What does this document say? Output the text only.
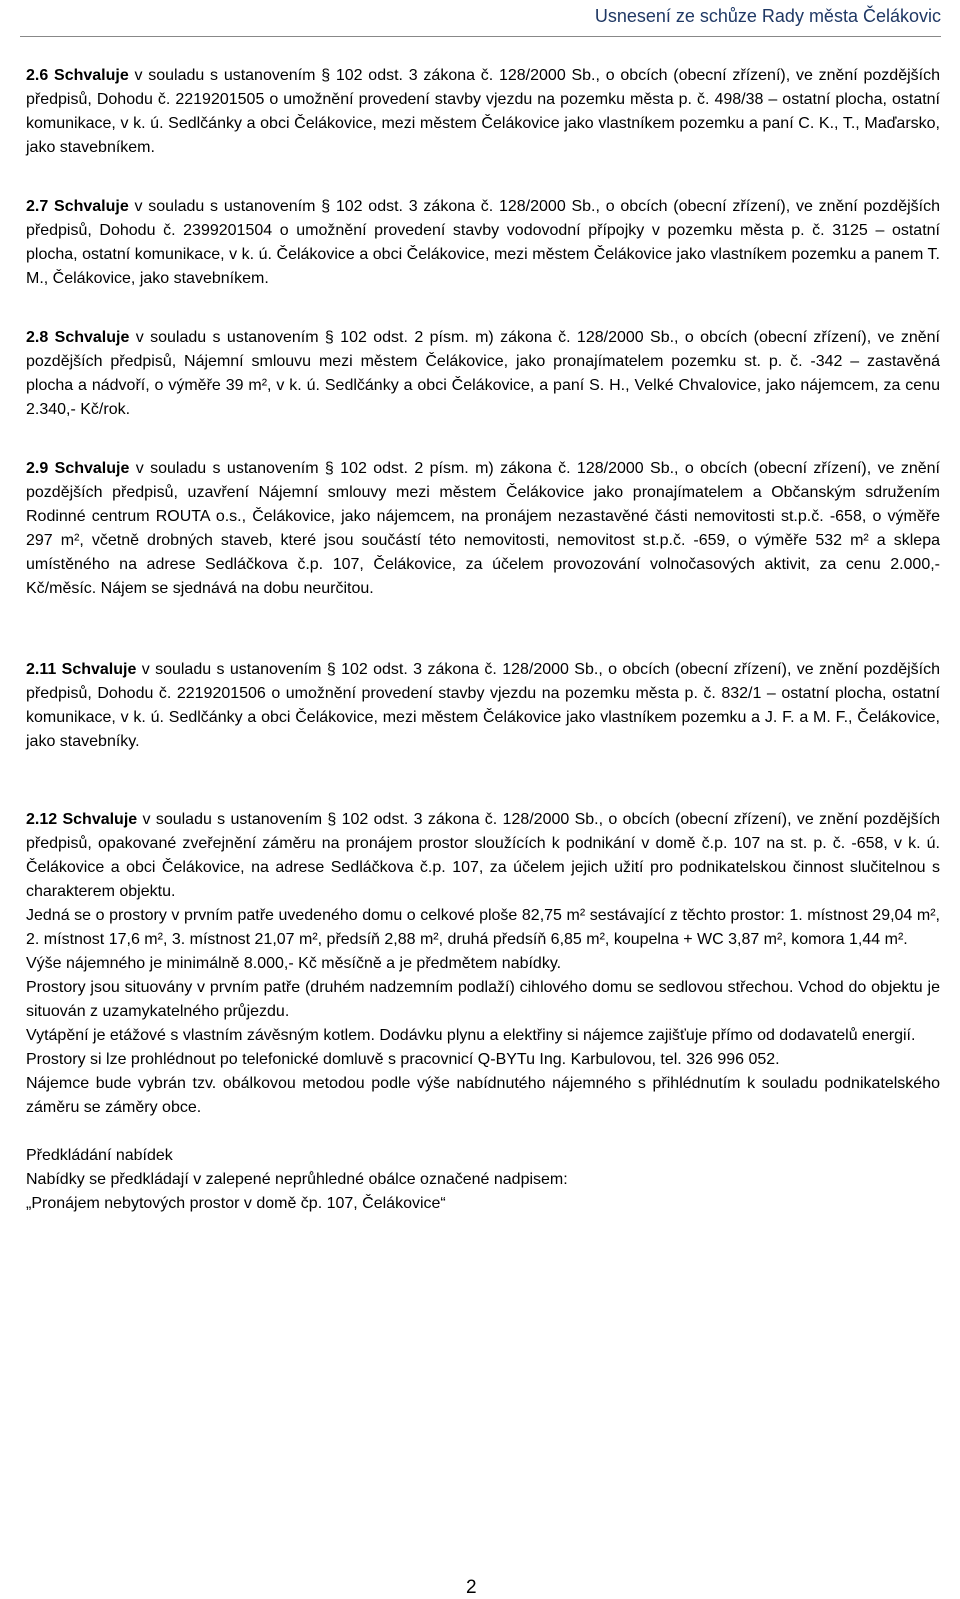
Usnesení ze schůze Rady města Čelákovic

2.6 Schvaluje v souladu s ustanovením § 102 odst. 3 zákona č. 128/2000 Sb., o obcích (obecní zřízení), ve znění pozdějších předpisů, Dohodu č. 2219201505 o umožnění provedení stavby vjezdu na pozemku města p. č. 498/38 – ostatní plocha, ostatní komunikace, v k. ú. Sedlčánky a obci Čelákovice, mezi městem Čelákovice jako vlastníkem pozemku a paní C. K., T., Maďarsko, jako stavebníkem.

2.7 Schvaluje v souladu s ustanovením § 102 odst. 3 zákona č. 128/2000 Sb., o obcích (obecní zřízení), ve znění pozdějších předpisů, Dohodu č. 2399201504 o umožnění provedení stavby vodovodní přípojky v pozemku města p. č. 3125 – ostatní plocha, ostatní komunikace, v k. ú. Čelákovice a obci Čelákovice, mezi městem Čelákovice jako vlastníkem pozemku a panem T. M., Čelákovice, jako stavebníkem.

2.8 Schvaluje v souladu s ustanovením § 102 odst. 2 písm. m) zákona č. 128/2000 Sb., o obcích (obecní zřízení), ve znění pozdějších předpisů, Nájemní smlouvu mezi městem Čelákovice, jako pronajímatelem pozemku st. p. č. -342 – zastavěná plocha a nádvoří, o výměře 39 m², v k. ú. Sedlčánky a obci Čelákovice, a paní S. H., Velké Chvalovice, jako nájemcem, za cenu 2.340,- Kč/rok.

2.9 Schvaluje v souladu s ustanovením § 102 odst. 2 písm. m) zákona č. 128/2000 Sb., o obcích (obecní zřízení), ve znění pozdějších předpisů, uzavření Nájemní smlouvy mezi městem Čelákovice jako pronajímatelem a Občanským sdružením Rodinné centrum ROUTA o.s., Čelákovice, jako nájemcem, na pronájem nezastavěné části nemovitosti st.p.č. -658, o výměře 297 m², včetně drobných staveb, které jsou součástí této nemovitosti, nemovitost st.p.č. -659, o výměře 532 m² a sklepa umístěného na adrese Sedláčkova č.p. 107, Čelákovice, za účelem provozování volnočasových aktivit, za cenu 2.000,- Kč/měsíc. Nájem se sjednává na dobu neurčitou.

2.11 Schvaluje v souladu s ustanovením § 102 odst. 3 zákona č. 128/2000 Sb., o obcích (obecní zřízení), ve znění pozdějších předpisů, Dohodu č. 2219201506 o umožnění provedení stavby vjezdu na pozemku města p. č. 832/1 – ostatní plocha, ostatní komunikace, v k. ú. Sedlčánky a obci Čelákovice, mezi městem Čelákovice jako vlastníkem pozemku a J. F. a M. F., Čelákovice, jako stavebníky.

2.12 Schvaluje v souladu s ustanovením § 102 odst. 3 zákona č. 128/2000 Sb., o obcích (obecní zřízení), ve znění pozdějších předpisů, opakované zveřejnění záměru na pronájem prostor sloužících k podnikání v domě č.p. 107 na st. p. č. -658, v k. ú. Čelákovice a obci Čelákovice, na adrese Sedláčkova č.p. 107, za účelem jejich užití pro podnikatelskou činnost slučitelnou s charakterem objektu.

Jedná se o prostory v prvním patře uvedeného domu o celkové ploše 82,75 m² sestávající z těchto prostor: 1. místnost 29,04 m², 2. místnost 17,6 m², 3. místnost 21,07 m², předsíň 2,88 m², druhá předsíň 6,85 m², koupelna + WC 3,87 m², komora 1,44 m².

Výše nájemného je minimálně 8.000,- Kč měsíčně a je předmětem nabídky.

Prostory jsou situovány v prvním patře (druhém nadzemním podlaží) cihlového domu se sedlovou střechou. Vchod do objektu je situován z uzamykatelného průjezdu.

Vytápění je etážové s vlastním závěsným kotlem. Dodávku plynu a elektřiny si nájemce zajišťuje přímo od dodavatelů energií.

Prostory si lze prohlédnout po telefonické domluvě s pracovnicí Q-BYTu Ing. Karbulovou, tel. 326 996 052.

Nájemce bude vybrán tzv. obálkovou metodou podle výše nabídnutého nájemného s přihlédnutím k souladu podnikatelského záměru se záměry obce.

Předkládání nabídek

Nabídky se předkládají v zalepené neprůhledné obálce označené nadpisem:

„Pronájem nebytových prostor v domě čp. 107, Čelákovice“

2
